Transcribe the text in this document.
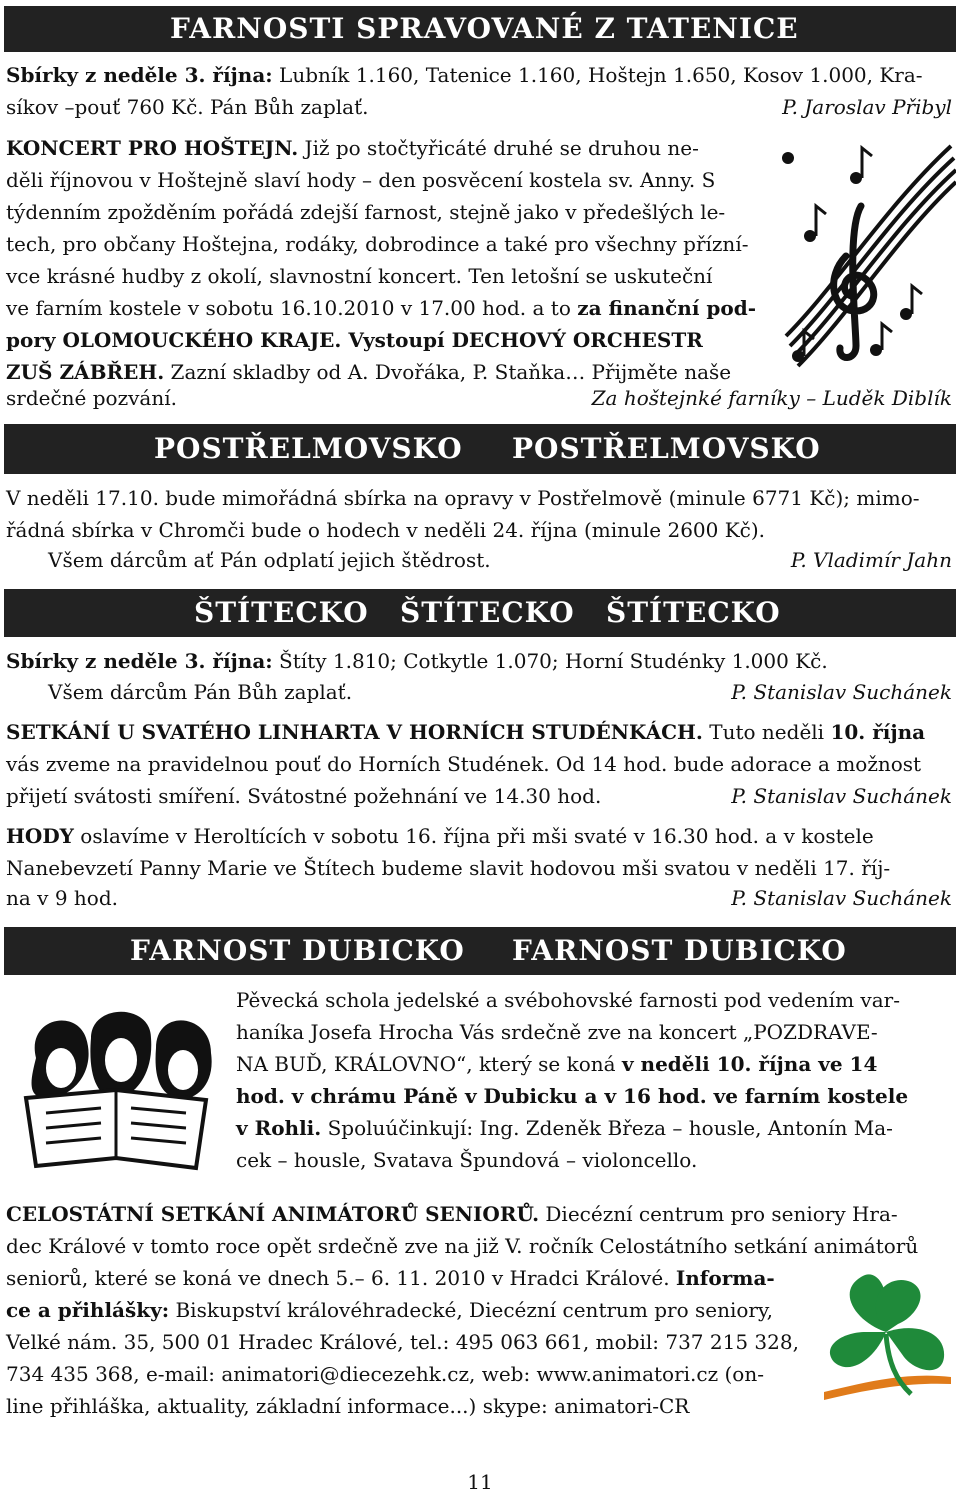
FARNOSTI SPRAVOVANÉ Z TATENICE

Sbírky z neděle 3. října: Lubník 1.160, Tatenice 1.160, Hoštejn 1.650, Kosov 1.000, Kra-
síkov –pouť 760 Kč. Pán Bůh zaplať.	P. Jaroslav Přibyl
KONCERT PRO HOŠTEJN. Již po stočtyřicáté druhé se druhou ne-
děli říjnovou v Hoštejně slaví hody – den posvěcení kostela sv. Anny. S
týdenním zpožděním pořádá zdejší farnost, stejně jako v předešlých le-
tech, pro občany Hoštejna, rodáky, dobrodince a také pro všechny přízní-
vce krásné hudby z okolí, slavnostní koncert. Ten letošní se uskuteční
ve farním kostele v sobotu 16.10.2010 v 17.00 hod. a to za finanční pod-
pory OLOMOUCKÉHO KRAJE. Vystoupí DECHOVÝ ORCHESTR
ZUŠ ZÁBŘEH. Zazní skladby od A. Dvořáka, P. Staňka… Přijměte naše
srdečné pozvání.	Za hoštejnké farníky – Luděk Diblík

POSTŘELMOVSKO

POSTŘELMOVSKO

V neděli 17.10. bude mimořádná sbírka na opravy v Postřelmově (minule 6771 Kč); mimo-
řádná sbírka v Chromči bude o hodech v neděli 24. října (minule 2600 Kč).
Všem dárcům ať Pán odplatí jejich štědrost.	P. Vladimír Jahn

ŠTÍTECKO

ŠTÍTECKO

ŠTÍTECKO

Sbírky z neděle 3. října: Štíty 1.810; Cotkytle 1.070; Horní Studénky 1.000 Kč.
Všem dárcům Pán Bůh zaplať.	P. Stanislav Suchánek
SETKÁNÍ U SVATÉHO LINHARTA V HORNÍCH STUDÉNKÁCH. Tuto neděli 10. října
vás zveme na pravidelnou pouť do Horních Studének. Od 14 hod. bude adorace a možnost
přijetí svátosti smíření. Svátostné požehnání ve 14.30 hod.	P. Stanislav Suchánek
HODY oslavíme v Heroltících v sobotu 16. října při mši svaté v 16.30 hod. a v kostele
Nanebevzetí Panny Marie ve Štítech budeme slavit hodovou mši svatou v neděli 17. říj-
na v 9 hod.	P. Stanislav Suchánek

FARNOST DUBICKO

FARNOST DUBICKO

Pěvecká schola jedelské a svébohovské farnosti pod vedením var-
haníka Josefa Hrocha Vás srdečně zve na koncert „POZDRAVE-
NA BUĎ, KRÁLOVNO“, který se koná v neděli 10. října ve 14
hod. v chrámu Páně v Dubicku a v 16 hod. ve farním kostele
v Rohli. Spoluúčinkují: Ing. Zdeněk Březa – housle, Antonín Ma-
cek – housle, Svatava Špundová – violoncello.
CELOSTÁTNÍ SETKÁNÍ ANIMÁTORŮ SENIORŮ. Diecézní centrum pro seniory Hra-
dec Králové v tomto roce opět srdečně zve na již V. ročník Celostátního setkání animátorů
seniorů, které se koná ve dnech 5.– 6. 11. 2010 v Hradci Králové. Informa-
ce a přihlášky: Biskupství královéhradecké, Diecézní centrum pro seniory,
Velké nám. 35, 500 01 Hradec Králové, tel.: 495 063 661, mobil: 737 215 328,
734 435 368, e-mail: animatori@diecezehk.cz, web: www.animatori.cz (on-
line přihláška, aktuality, základní informace...) skype: animatori-CR
11
